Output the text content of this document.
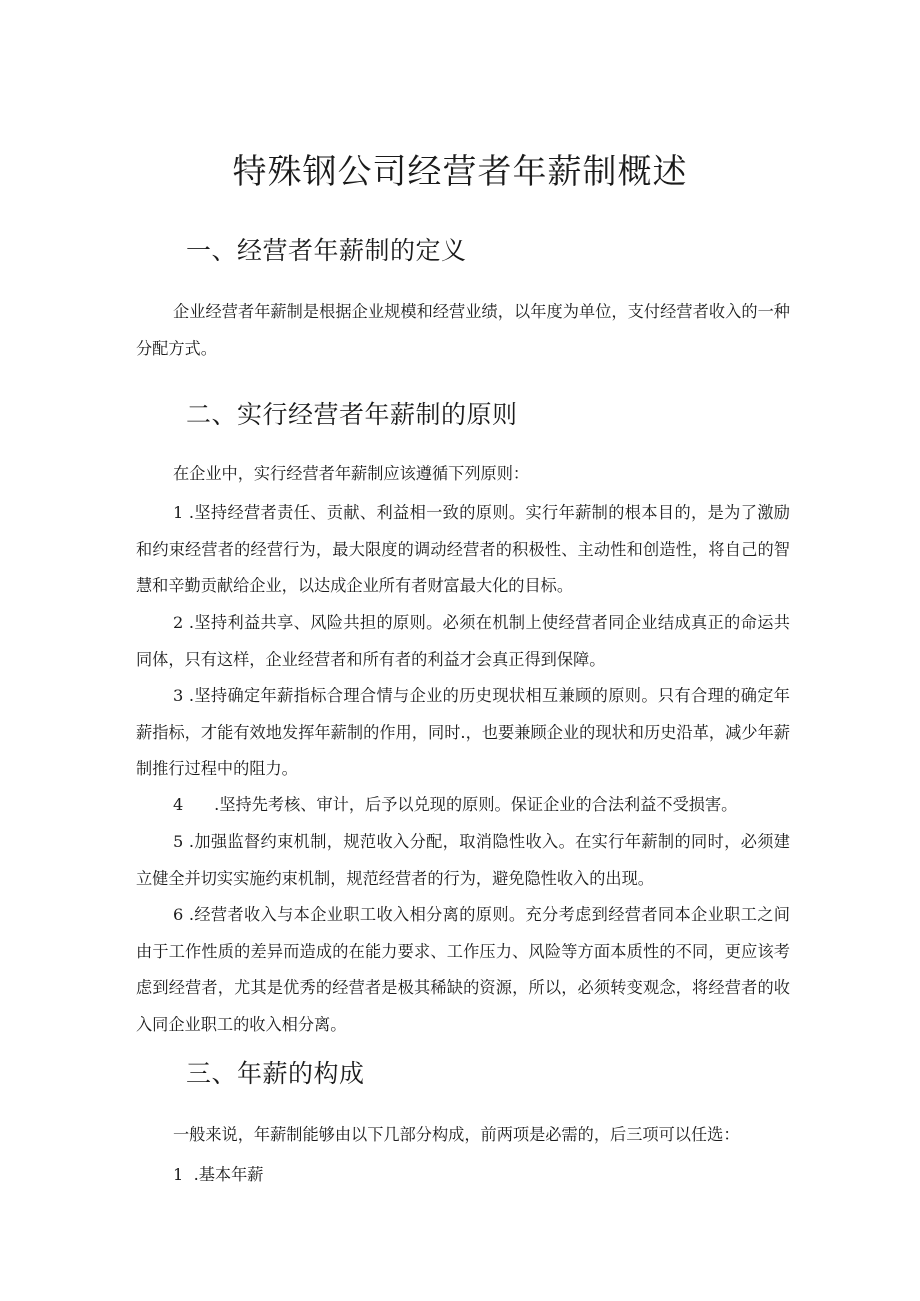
特殊钢公司经营者年薪制概述
一、经营者年薪制的定义

企业经营者年薪制是根据企业规模和经营业绩，以年度为单位，支付经营者收入的一种分配方式。

二、实行经营者年薪制的原则

在企业中，实行经营者年薪制应该遵循下列原则：

1 .坚持经营者责任、贡献、利益相一致的原则。实行年薪制的根本目的，是为了激励和约束经营者的经营行为，最大限度的调动经营者的积极性、主动性和创造性，将自己的智慧和辛勤贡献给企业，以达成企业所有者财富最大化的目标。

2 .坚持利益共享、风险共担的原则。必须在机制上使经营者同企业结成真正的命运共同体，只有这样，企业经营者和所有者的利益才会真正得到保障。

3 .坚持确定年薪指标合理合情与企业的历史现状相互兼顾的原则。只有合理的确定年薪指标，才能有效地发挥年薪制的作用，同时.，也要兼顾企业的现状和历史沿革，减少年薪制推行过程中的阻力。

4      .坚持先考核、审计，后予以兑现的原则。保证企业的合法利益不受损害。

5 .加强监督约束机制，规范收入分配，取消隐性收入。在实行年薪制的同时，必须建立健全并切实实施约束机制，规范经营者的行为，避免隐性收入的出现。

6 .经营者收入与本企业职工收入相分离的原则。充分考虑到经营者同本企业职工之间由于工作性质的差异而造成的在能力要求、工作压力、风险等方面本质性的不同，更应该考虑到经营者，尤其是优秀的经营者是极其稀缺的资源，所以，必须转变观念，将经营者的收入同企业职工的收入相分离。

三、年薪的构成

一般来说，年薪制能够由以下几部分构成，前两项是必需的，后三项可以任选：

1  .基本年薪
